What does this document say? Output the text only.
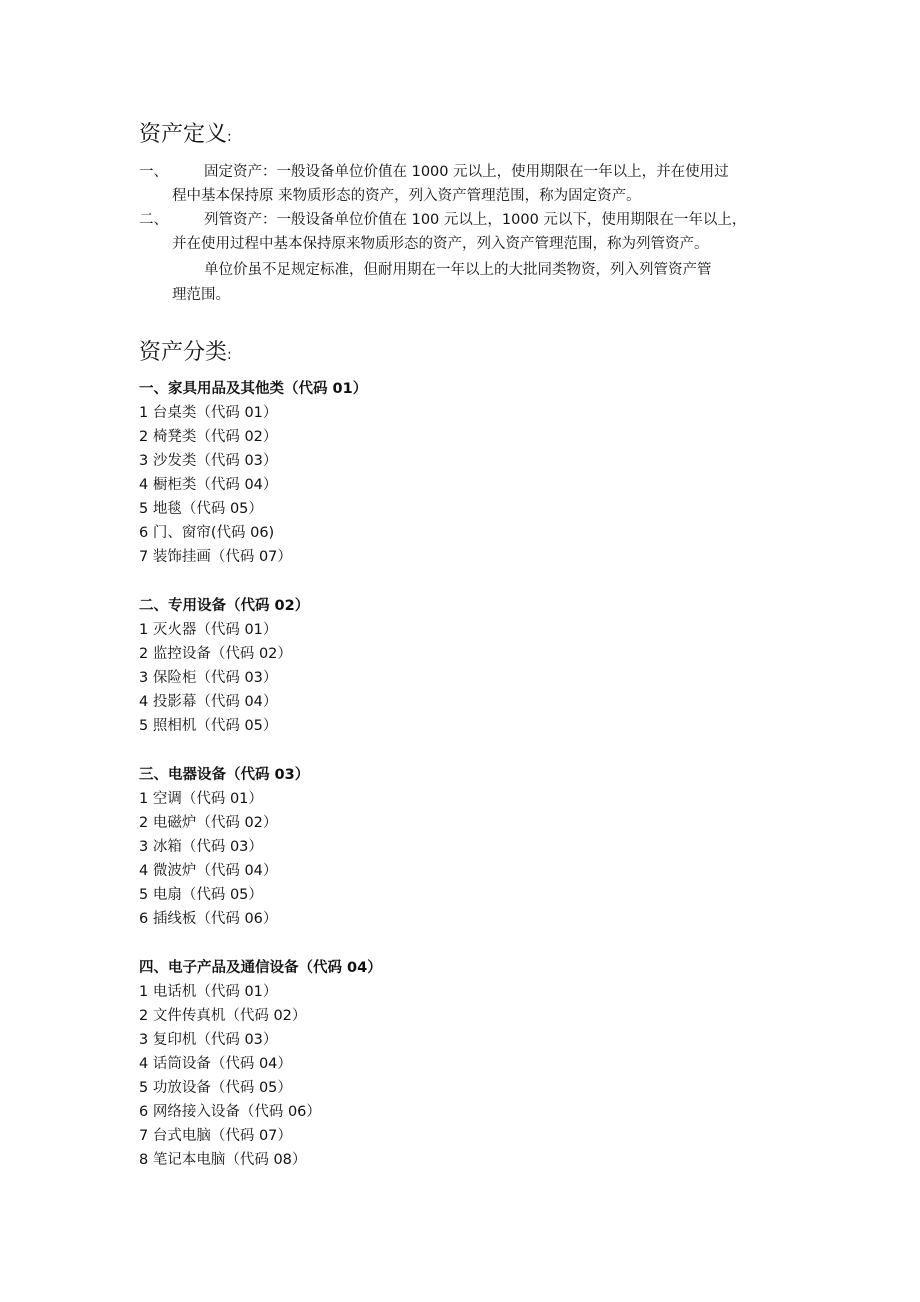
资产定义:
一、 固定资产：一般设备单位价值在 1000 元以上，使用期限在一年以上，并在使用过
程中基本保持原 来物质形态的资产，列入资产管理范围，称为固定资产。
二、 列管资产：一般设备单位价值在 100 元以上，1000 元以下，使用期限在一年以上，
并在使用过程中基本保持原来物质形态的资产，列入资产管理范围，称为列管资产。
单位价虽不足规定标准，但耐用期在一年以上的大批同类物资，列入列管资产管
理范围。
资产分类:
一、家具用品及其他类（代码 01）
1 台桌类（代码 01）
2 椅凳类（代码 02）
3 沙发类（代码 03）
4 橱柜类（代码 04）
5 地毯（代码 05）
6 门、窗帘(代码 06)
7 装饰挂画（代码 07）
二、专用设备（代码 02）
1 灭火器（代码 01）
2 监控设备（代码 02）
3 保险柜（代码 03）
4 投影幕（代码 04）
5 照相机（代码 05）
三、电器设备（代码 03）
1 空调（代码 01）
2 电磁炉（代码 02）
3 冰箱（代码 03）
4 微波炉（代码 04）
5 电扇（代码 05）
6 插线板（代码 06）
四、电子产品及通信设备（代码 04）
1 电话机（代码 01）
2 文件传真机（代码 02）
3 复印机（代码 03）
4 话筒设备（代码 04）
5 功放设备（代码 05）
6 网络接入设备（代码 06）
7 台式电脑（代码 07）
8 笔记本电脑（代码 08）
